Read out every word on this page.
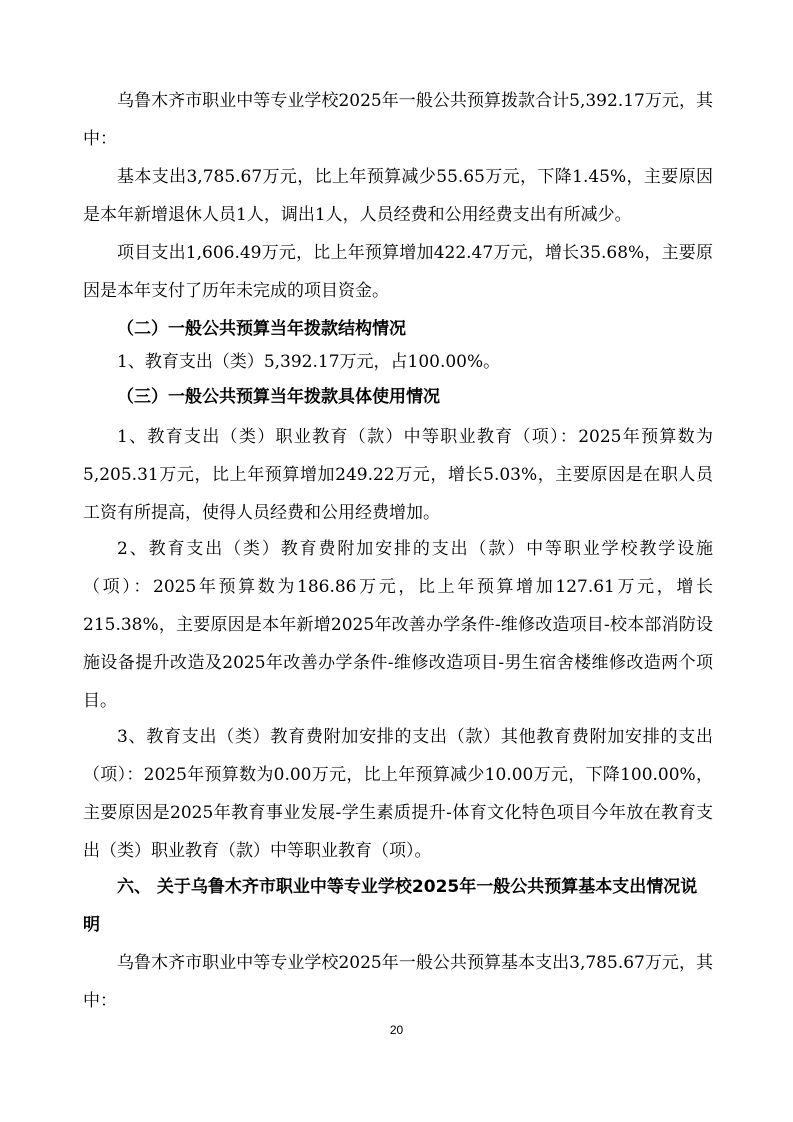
乌鲁木齐市职业中等专业学校2025年一般公共预算拨款合计5,392.17万元，其中：
基本支出3,785.67万元，比上年预算减少55.65万元，下降1.45%，主要原因是本年新增退休人员1人，调出1人，人员经费和公用经费支出有所减少。
项目支出1,606.49万元，比上年预算增加422.47万元，增长35.68%，主要原因是本年支付了历年未完成的项目资金。
（二）一般公共预算当年拨款结构情况
1、教育支出（类）5,392.17万元，占100.00%。
（三）一般公共预算当年拨款具体使用情况
1、教育支出（类）职业教育（款）中等职业教育（项）：2025年预算数为5,205.31万元，比上年预算增加249.22万元，增长5.03%，主要原因是在职人员工资有所提高，使得人员经费和公用经费增加。
2、教育支出（类）教育费附加安排的支出（款）中等职业学校教学设施（项）：2025年预算数为186.86万元，比上年预算增加127.61万元，增长215.38%，主要原因是本年新增2025年改善办学条件-维修改造项目-校本部消防设施设备提升改造及2025年改善办学条件-维修改造项目-男生宿舍楼维修改造两个项目。
3、教育支出（类）教育费附加安排的支出（款）其他教育费附加安排的支出（项）：2025年预算数为0.00万元，比上年预算减少10.00万元，下降100.00%，主要原因是2025年教育事业发展-学生素质提升-体育文化特色项目今年放在教育支出（类）职业教育（款）中等职业教育（项）。
六、 关于乌鲁木齐市职业中等专业学校2025年一般公共预算基本支出情况说明
乌鲁木齐市职业中等专业学校2025年一般公共预算基本支出3,785.67万元，其中：
20
